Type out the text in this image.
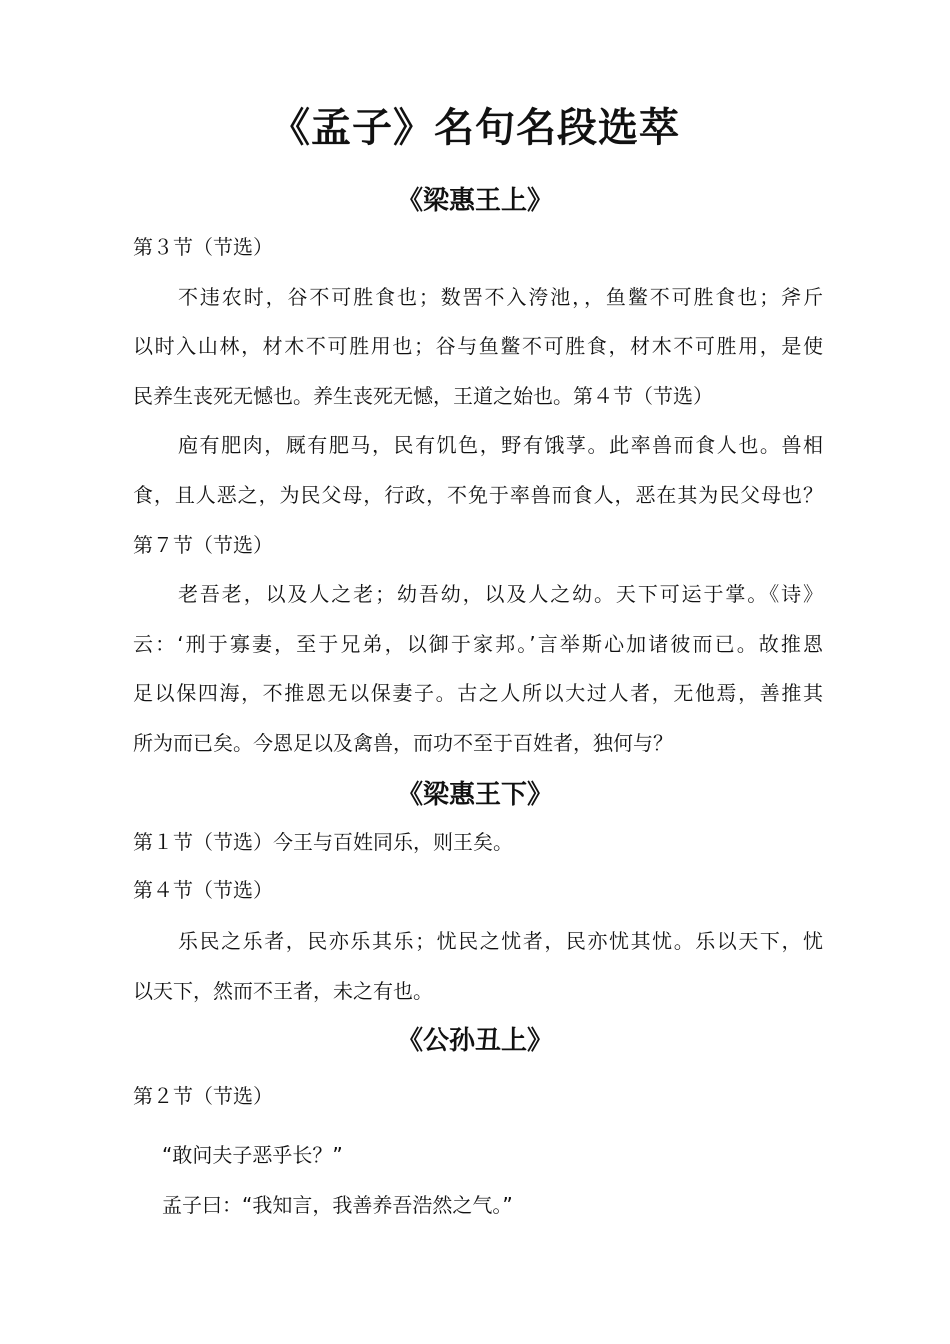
《孟子》名句名段选萃
《梁惠王上》

第３节（节选）

不违农时，谷不可胜食也；数罟不入洿池，，鱼鳖不可胜食也；斧斤

以时入山林，材木不可胜用也；谷与鱼鳖不可胜食，材木不可胜用，是使

民养生丧死无憾也。养生丧死无憾，王道之始也。第４节（节选）

庖有肥肉，厩有肥马，民有饥色，野有饿莩。此率兽而食人也。兽相

食，且人恶之，为民父母，行政，不免于率兽而食人，恶在其为民父母也？

第７节（节选）

老吾老，以及人之老；幼吾幼，以及人之幼。天下可运于掌。《诗》

云：‘刑于寡妻，至于兄弟，以御于家邦。’言举斯心加诸彼而已。故推恩

足以保四海，不推恩无以保妻子。古之人所以大过人者，无他焉，善推其

所为而已矣。今恩足以及禽兽，而功不至于百姓者，独何与？

《梁惠王下》

第１节（节选）今王与百姓同乐，则王矣。

第４节（节选）

乐民之乐者，民亦乐其乐；忧民之忧者，民亦忧其忧。乐以天下，忧

以天下，然而不王者，未之有也。

《公孙丑上》

第２节（节选）

“敢问夫子恶乎长？”

孟子曰：“我知言，我善养吾浩然之气。”
